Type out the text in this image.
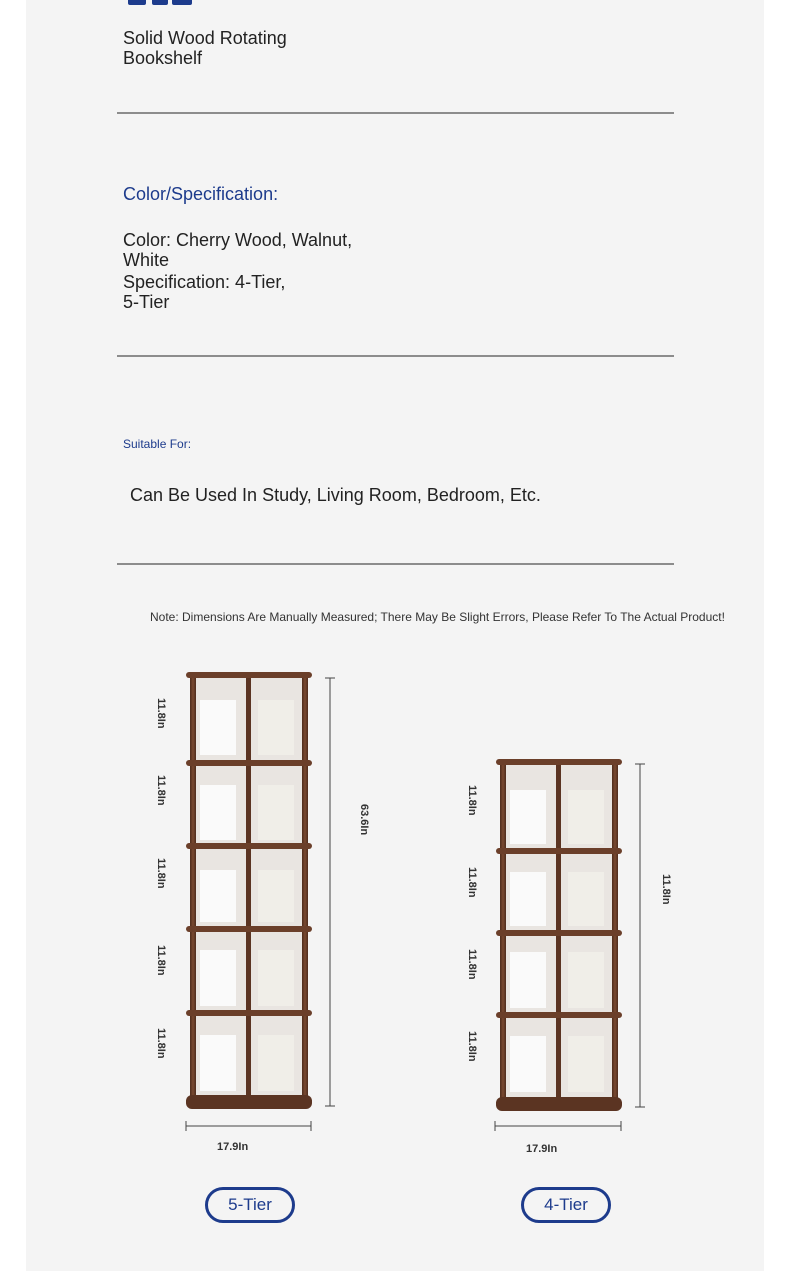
Solid Wood Rotating
Bookshelf
Color/Specification:
Color: Cherry Wood, Walnut,
White
Specification: 4-Tier,
5-Tier
Suitable For:
Can Be Used In Study, Living Room, Bedroom, Etc.
Note: Dimensions Are Manually Measured; There May Be Slight Errors, Please Refer To The Actual Product!
11.8In
11.8In
11.8In
11.8In
11.8In
63.6In
17.9In
11.8In
11.8In
11.8In
11.8In
11.8In
17.9In
5-Tier	4-Tier
